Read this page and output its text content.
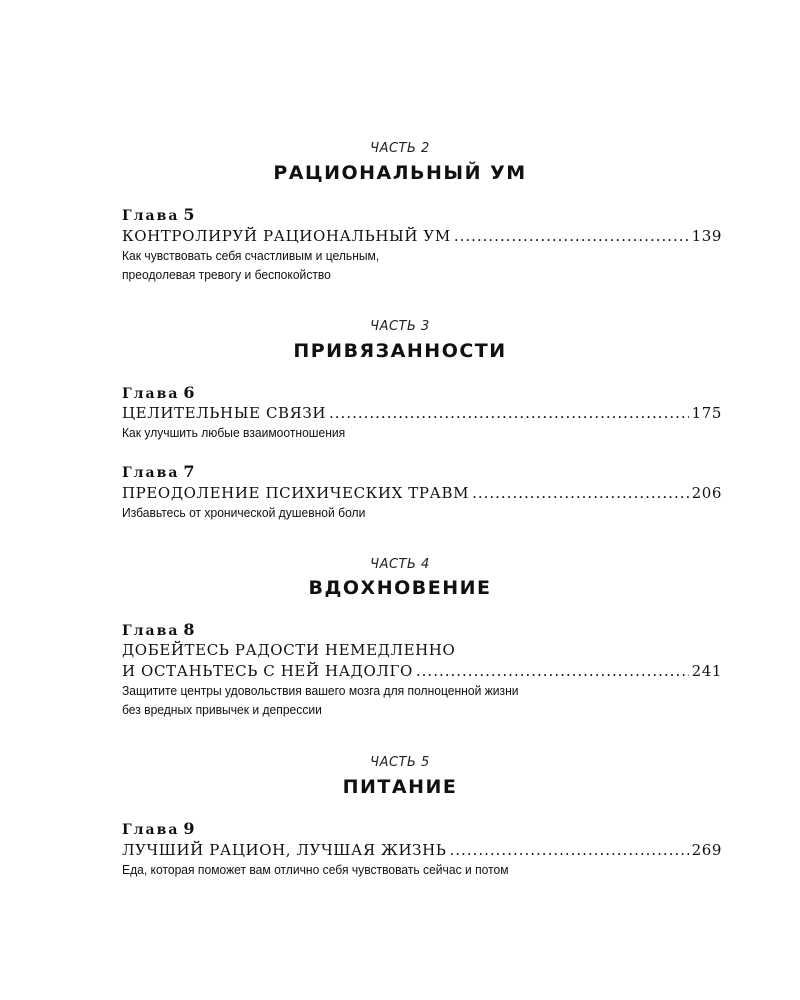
ЧАСТЬ 2
РАЦИОНАЛЬНЫЙ УМ
Глава 5
КОНТРОЛИРУЙ РАЦИОНАЛЬНЫЙ УМ .....	139
Как чувствовать себя счастливым и цельным,
преодолевая тревогу и беспокойство
ЧАСТЬ 3
ПРИВЯЗАННОСТИ
Глава 6
ЦЕЛИТЕЛЬНЫЕ СВЯЗИ .....	175
Как улучшить любые взаимоотношения
Глава 7
ПРЕОДОЛЕНИЕ ПСИХИЧЕСКИХ ТРАВМ .....	206
Избавьтесь от хронической душевной боли
ЧАСТЬ 4
ВДОХНОВЕНИЕ
Глава 8
ДОБЕЙТЕСЬ РАДОСТИ НЕМЕДЛЕННО
И ОСТАНЬТЕСЬ С НЕЙ НАДОЛГО .....	241
Защитите центры удовольствия вашего мозга для полноценной жизни
без вредных привычек и депрессии
ЧАСТЬ 5
ПИТАНИЕ
Глава 9
ЛУЧШИЙ РАЦИОН, ЛУЧШАЯ ЖИЗНЬ .....	269
Еда, которая поможет вам отлично себя чувствовать сейчас и потом
